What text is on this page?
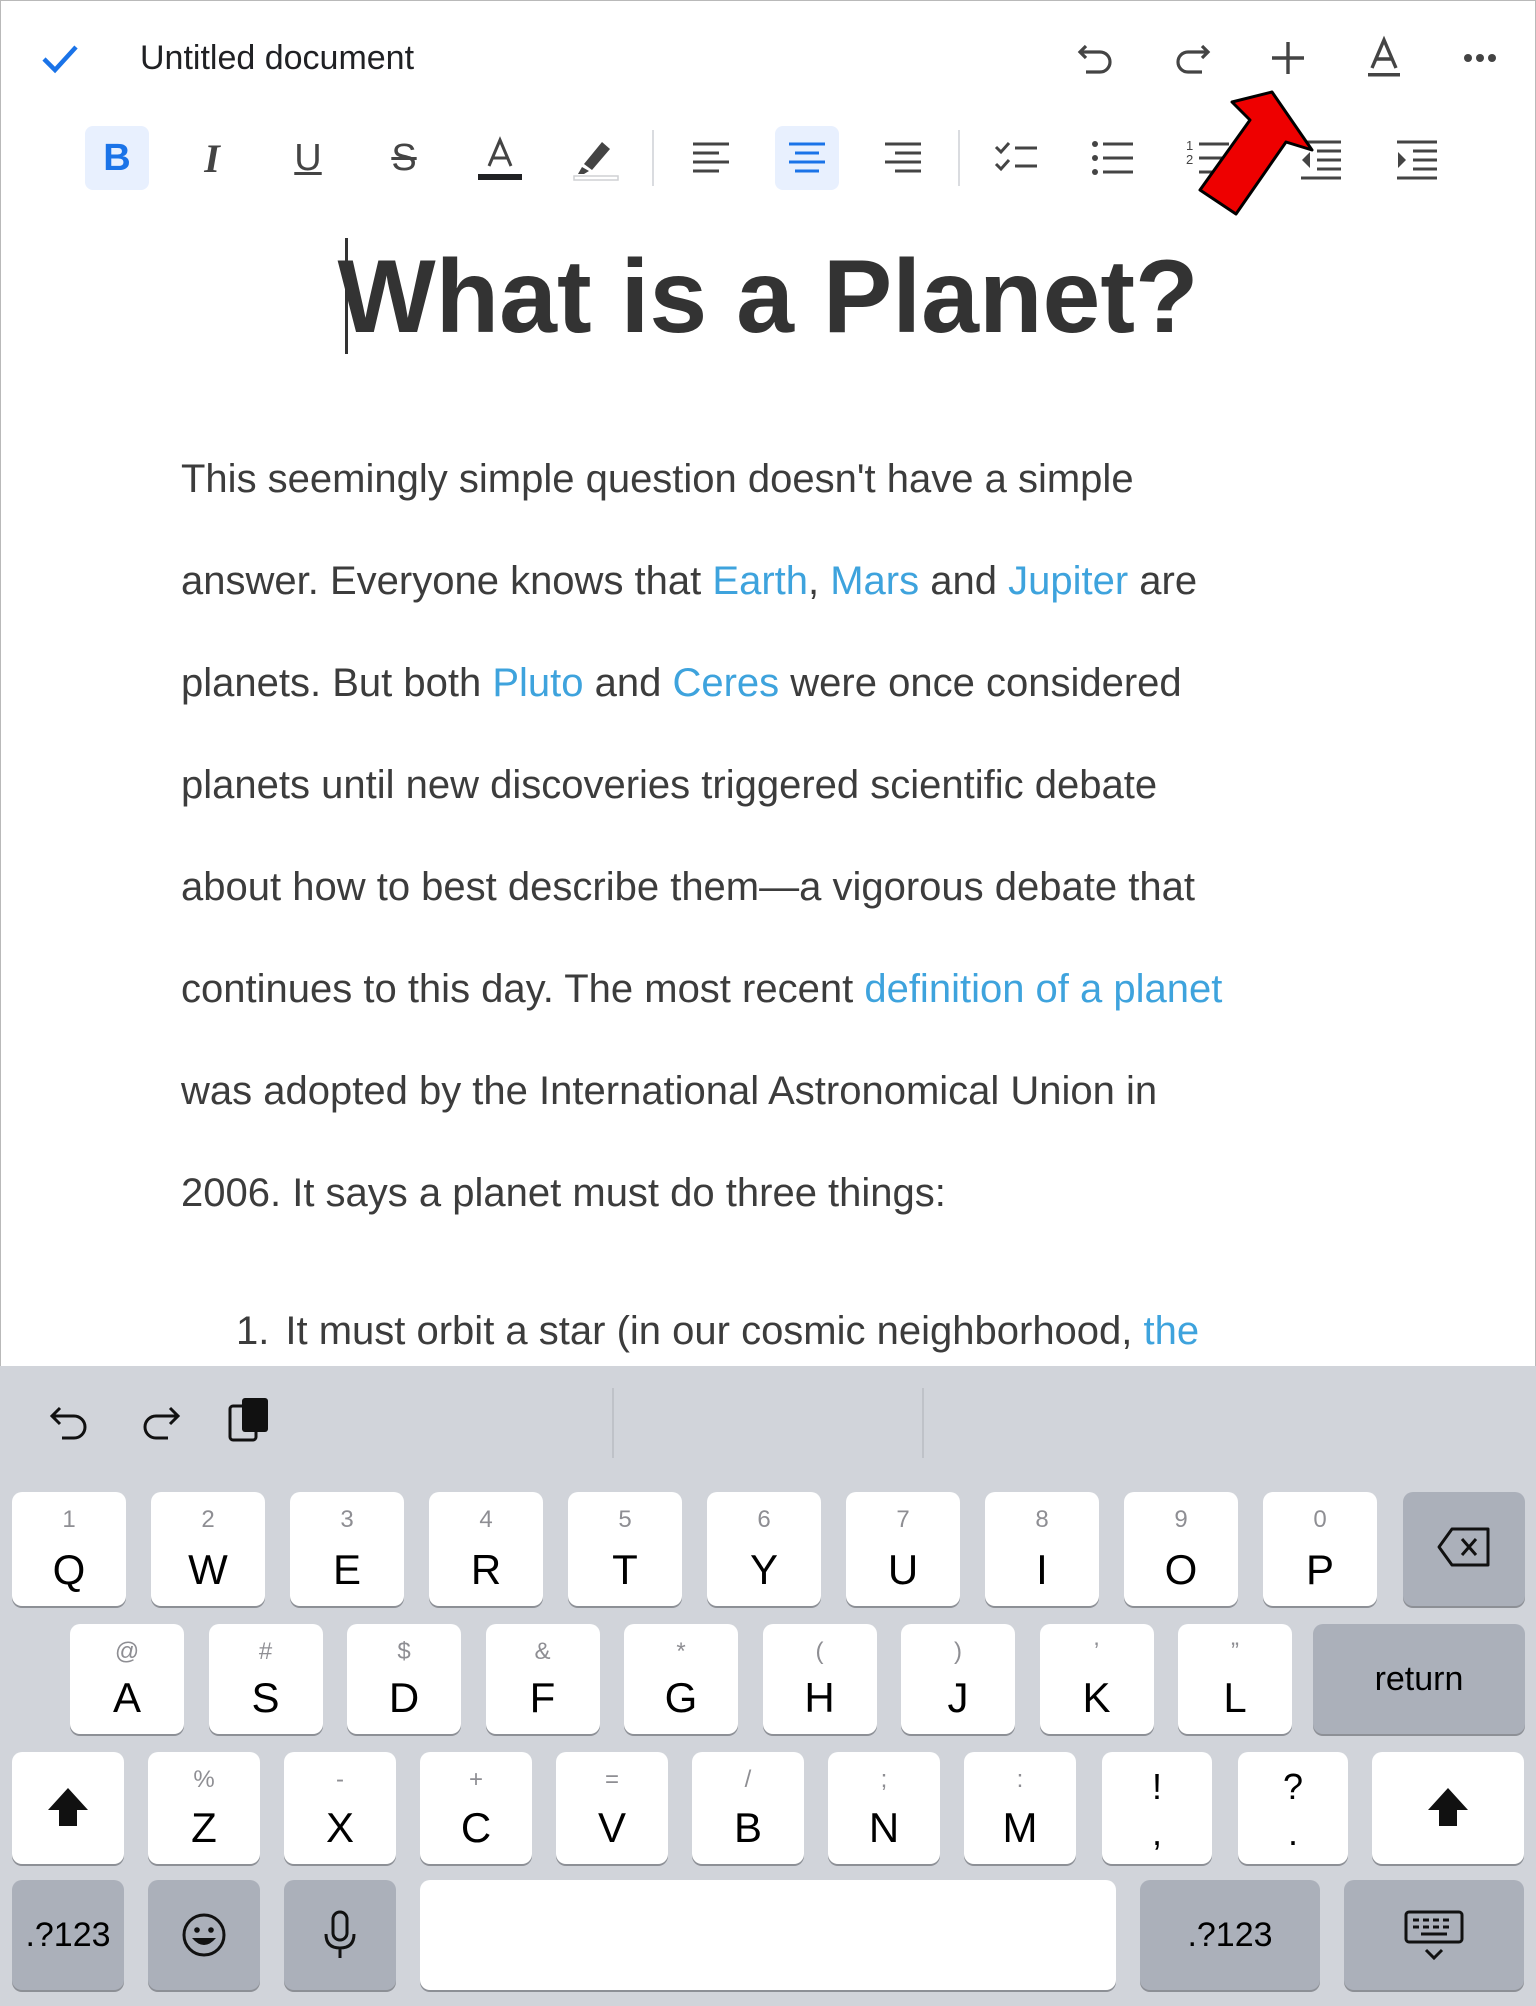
Untitled document
B I U S	1
2
What is a Planet?
This seemingly simple question doesn't have a simple
answer. Everyone knows that Earth, Mars and Jupiter are
planets. But both Pluto and Ceres were once considered
planets until new discoveries triggered scientific debate
about how to best describe them—a vigorous debate that
continues to this day. The most recent definition of a planet
was adopted by the International Astronomical Union in
2006. It says a planet must do three things:
1. It must orbit a star (in our cosmic neighborhood, the
1
Q
2
W
3
E
4
R
5
T
6
Y
7
U
8
I
9
O
0
P
@
A
#
S
$
D
&
F
*
G
(
H
)
J
’
K
”
L	return
%
Z
-
X
+
C
=
V
/
B
;
N
:
M
!
,
?
.
.?123	.?123
